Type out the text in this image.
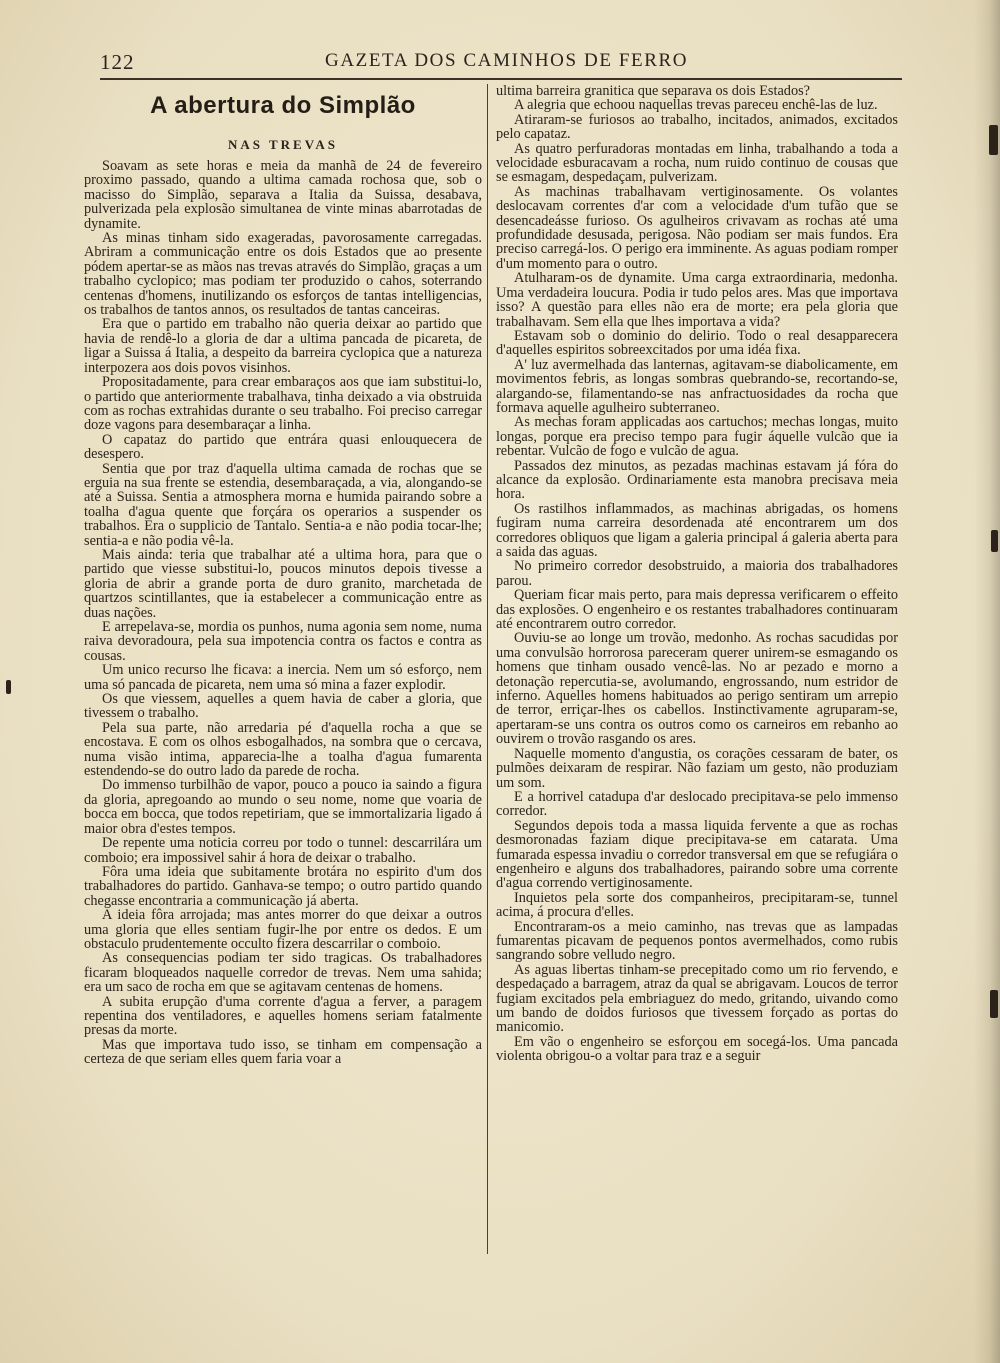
122	GAZETA DOS CAMINHOS DE FERRO
A abertura do Simplão
NAS TREVAS

Soavam as sete horas e meia da manhã de 24 de fevereiro proximo passado, quando a ultima camada rochosa que, sob o macisso do Simplão, separava a Italia da Suissa, desabava, pulverizada pela explosão simultanea de vinte minas abarrotadas de dynamite.

As minas tinham sido exageradas, pavorosamente carregadas. Abriram a communicação entre os dois Estados que ao presente pódem apertar-se as mãos nas trevas através do Simplão, graças a um trabalho cyclopico; mas podiam ter produzido o cahos, soterrando centenas d'homens, inutilizando os esforços de tantas intelligencias, os trabalhos de tantos annos, os resultados de tantas canceiras.

Era que o partido em trabalho não queria deixar ao partido que havia de rendê-lo a gloria de dar a ultima pancada de picareta, de ligar a Suissa á Italia, a despeito da barreira cyclopica que a natureza interpozera aos dois povos visinhos.

Propositadamente, para crear embaraços aos que iam substitui-lo, o partido que anteriormente trabalhava, tinha deixado a via obstruida com as rochas extrahidas durante o seu trabalho. Foi preciso carregar doze vagons para desembaraçar a linha.

O capataz do partido que entrára quasi enlouquecera de desespero.

Sentia que por traz d'aquella ultima camada de rochas que se erguia na sua frente se estendia, desembaraçada, a via, alongando-se até a Suissa. Sentia a atmosphera morna e humida pairando sobre a toalha d'agua quente que forçára os operarios a suspender os trabalhos. Era o supplicio de Tantalo. Sentia-a e não podia tocar-lhe; sentia-a e não podia vê-la.

Mais ainda: teria que trabalhar até a ultima hora, para que o partido que viesse substitui-lo, poucos minutos depois tivesse a gloria de abrir a grande porta de duro granito, marchetada de quartzos scintillantes, que ia estabelecer a communicação entre as duas nações.

E arrepelava-se, mordia os punhos, numa agonia sem nome, numa raiva devoradoura, pela sua impotencia contra os factos e contra as cousas.

Um unico recurso lhe ficava: a inercia. Nem um só esforço, nem uma só pancada de picareta, nem uma só mina a fazer explodir.

Os que viessem, aquelles a quem havia de caber a gloria, que tivessem o trabalho.

Pela sua parte, não arredaria pé d'aquella rocha a que se encostava. E com os olhos esbogalhados, na sombra que o cercava, numa visão intima, apparecia-lhe a toalha d'agua fumarenta estendendo-se do outro lado da parede de rocha.

Do immenso turbilhão de vapor, pouco a pouco ia saindo a figura da gloria, apregoando ao mundo o seu nome, nome que voaria de bocca em bocca, que todos repetiriam, que se immortalizaria ligado á maior obra d'estes tempos.

De repente uma noticia correu por todo o tunnel: descarrilára um comboio; era impossivel sahir á hora de deixar o trabalho.

Fôra uma ideia que subitamente brotára no espirito d'um dos trabalhadores do partido. Ganhava-se tempo; o outro partido quando chegasse encontraria a communicação já aberta.

A ideia fôra arrojada; mas antes morrer do que deixar a outros uma gloria que elles sentiam fugir-lhe por entre os dedos. E um obstaculo prudentemente occulto fizera descarrilar o comboio.

As consequencias podiam ter sido tragicas. Os trabalhadores ficaram bloqueados naquelle corredor de trevas. Nem uma sahida; era um saco de rocha em que se agitavam centenas de homens.

A subita erupção d'uma corrente d'agua a ferver, a paragem repentina dos ventiladores, e aquelles homens seriam fatalmente presas da morte.

Mas que importava tudo isso, se tinham em compensação a certeza de que seriam elles quem faria voar a

ultima barreira granitica que separava os dois Estados?

A alegria que echoou naquellas trevas pareceu enchê-las de luz.

Atiraram-se furiosos ao trabalho, incitados, animados, excitados pelo capataz.

As quatro perfuradoras montadas em linha, trabalhando a toda a velocidade esburacavam a rocha, num ruido continuo de cousas que se esmagam, despedaçam, pulverizam.

As machinas trabalhavam vertiginosamente. Os volantes deslocavam correntes d'ar com a velocidade d'um tufão que se desencadeásse furioso. Os agulheiros crivavam as rochas até uma profundidade desusada, perigosa. Não podiam ser mais fundos. Era preciso carregá-los. O perigo era imminente. As aguas podiam romper d'um momento para o outro.

Atulharam-os de dynamite. Uma carga extraordinaria, medonha. Uma verdadeira loucura. Podia ir tudo pelos ares. Mas que importava isso? A questão para elles não era de morte; era pela gloria que trabalhavam. Sem ella que lhes importava a vida?

Estavam sob o dominio do delirio. Todo o real desapparecera d'aquelles espiritos sobreexcitados por uma idéa fixa.

A' luz avermelhada das lanternas, agitavam-se diabolicamente, em movimentos febris, as longas sombras quebrando-se, recortando-se, alargando-se, filamentando-se nas anfractuosidades da rocha que formava aquelle agulheiro subterraneo.

As mechas foram applicadas aos cartuchos; mechas longas, muito longas, porque era preciso tempo para fugir áquelle vulcão que ia rebentar. Vulcão de fogo e vulcão de agua.

Passados dez minutos, as pezadas machinas estavam já fóra do alcance da explosão. Ordinariamente esta manobra precisava meia hora.

Os rastilhos inflammados, as machinas abrigadas, os homens fugiram numa carreira desordenada até encontrarem um dos corredores obliquos que ligam a galeria principal á galeria aberta para a saida das aguas.

No primeiro corredor desobstruido, a maioria dos trabalhadores parou.

Queriam ficar mais perto, para mais depressa verificarem o effeito das explosões. O engenheiro e os restantes trabalhadores continuaram até encontrarem outro corredor.

Ouviu-se ao longe um trovão, medonho. As rochas sacudidas por uma convulsão horrorosa pareceram querer unirem-se esmagando os homens que tinham ousado vencê-las. No ar pezado e morno a detonação repercutia-se, avolumando, engrossando, num estridor de inferno. Aquelles homens habituados ao perigo sentiram um arrepio de terror, erriçar-lhes os cabellos. Instinctivamente agruparam-se, apertaram-se uns contra os outros como os carneiros em rebanho ao ouvirem o trovão rasgando os ares.

Naquelle momento d'angustia, os corações cessaram de bater, os pulmões deixaram de respirar. Não faziam um gesto, não produziam um som.

E a horrivel catadupa d'ar deslocado precipitava-se pelo immenso corredor.

Segundos depois toda a massa liquida fervente a que as rochas desmoronadas faziam dique precipitava-se em catarata. Uma fumarada espessa invadiu o corredor transversal em que se refugiára o engenheiro e alguns dos trabalhadores, pairando sobre uma corrente d'agua correndo vertiginosamente.

Inquietos pela sorte dos companheiros, precipitaram-se, tunnel acima, á procura d'elles.

Encontraram-os a meio caminho, nas trevas que as lampadas fumarentas picavam de pequenos pontos avermelhados, como rubis sangrando sobre velludo negro.

As aguas libertas tinham-se precepitado como um rio fervendo, e despedaçado a barragem, atraz da qual se abrigavam. Loucos de terror fugiam excitados pela embriaguez do medo, gritando, uivando como um bando de doidos furiosos que tivessem forçado as portas do manicomio.

Em vão o engenheiro se esforçou em socegá-los. Uma pancada violenta obrigou-o a voltar para traz e a seguir
